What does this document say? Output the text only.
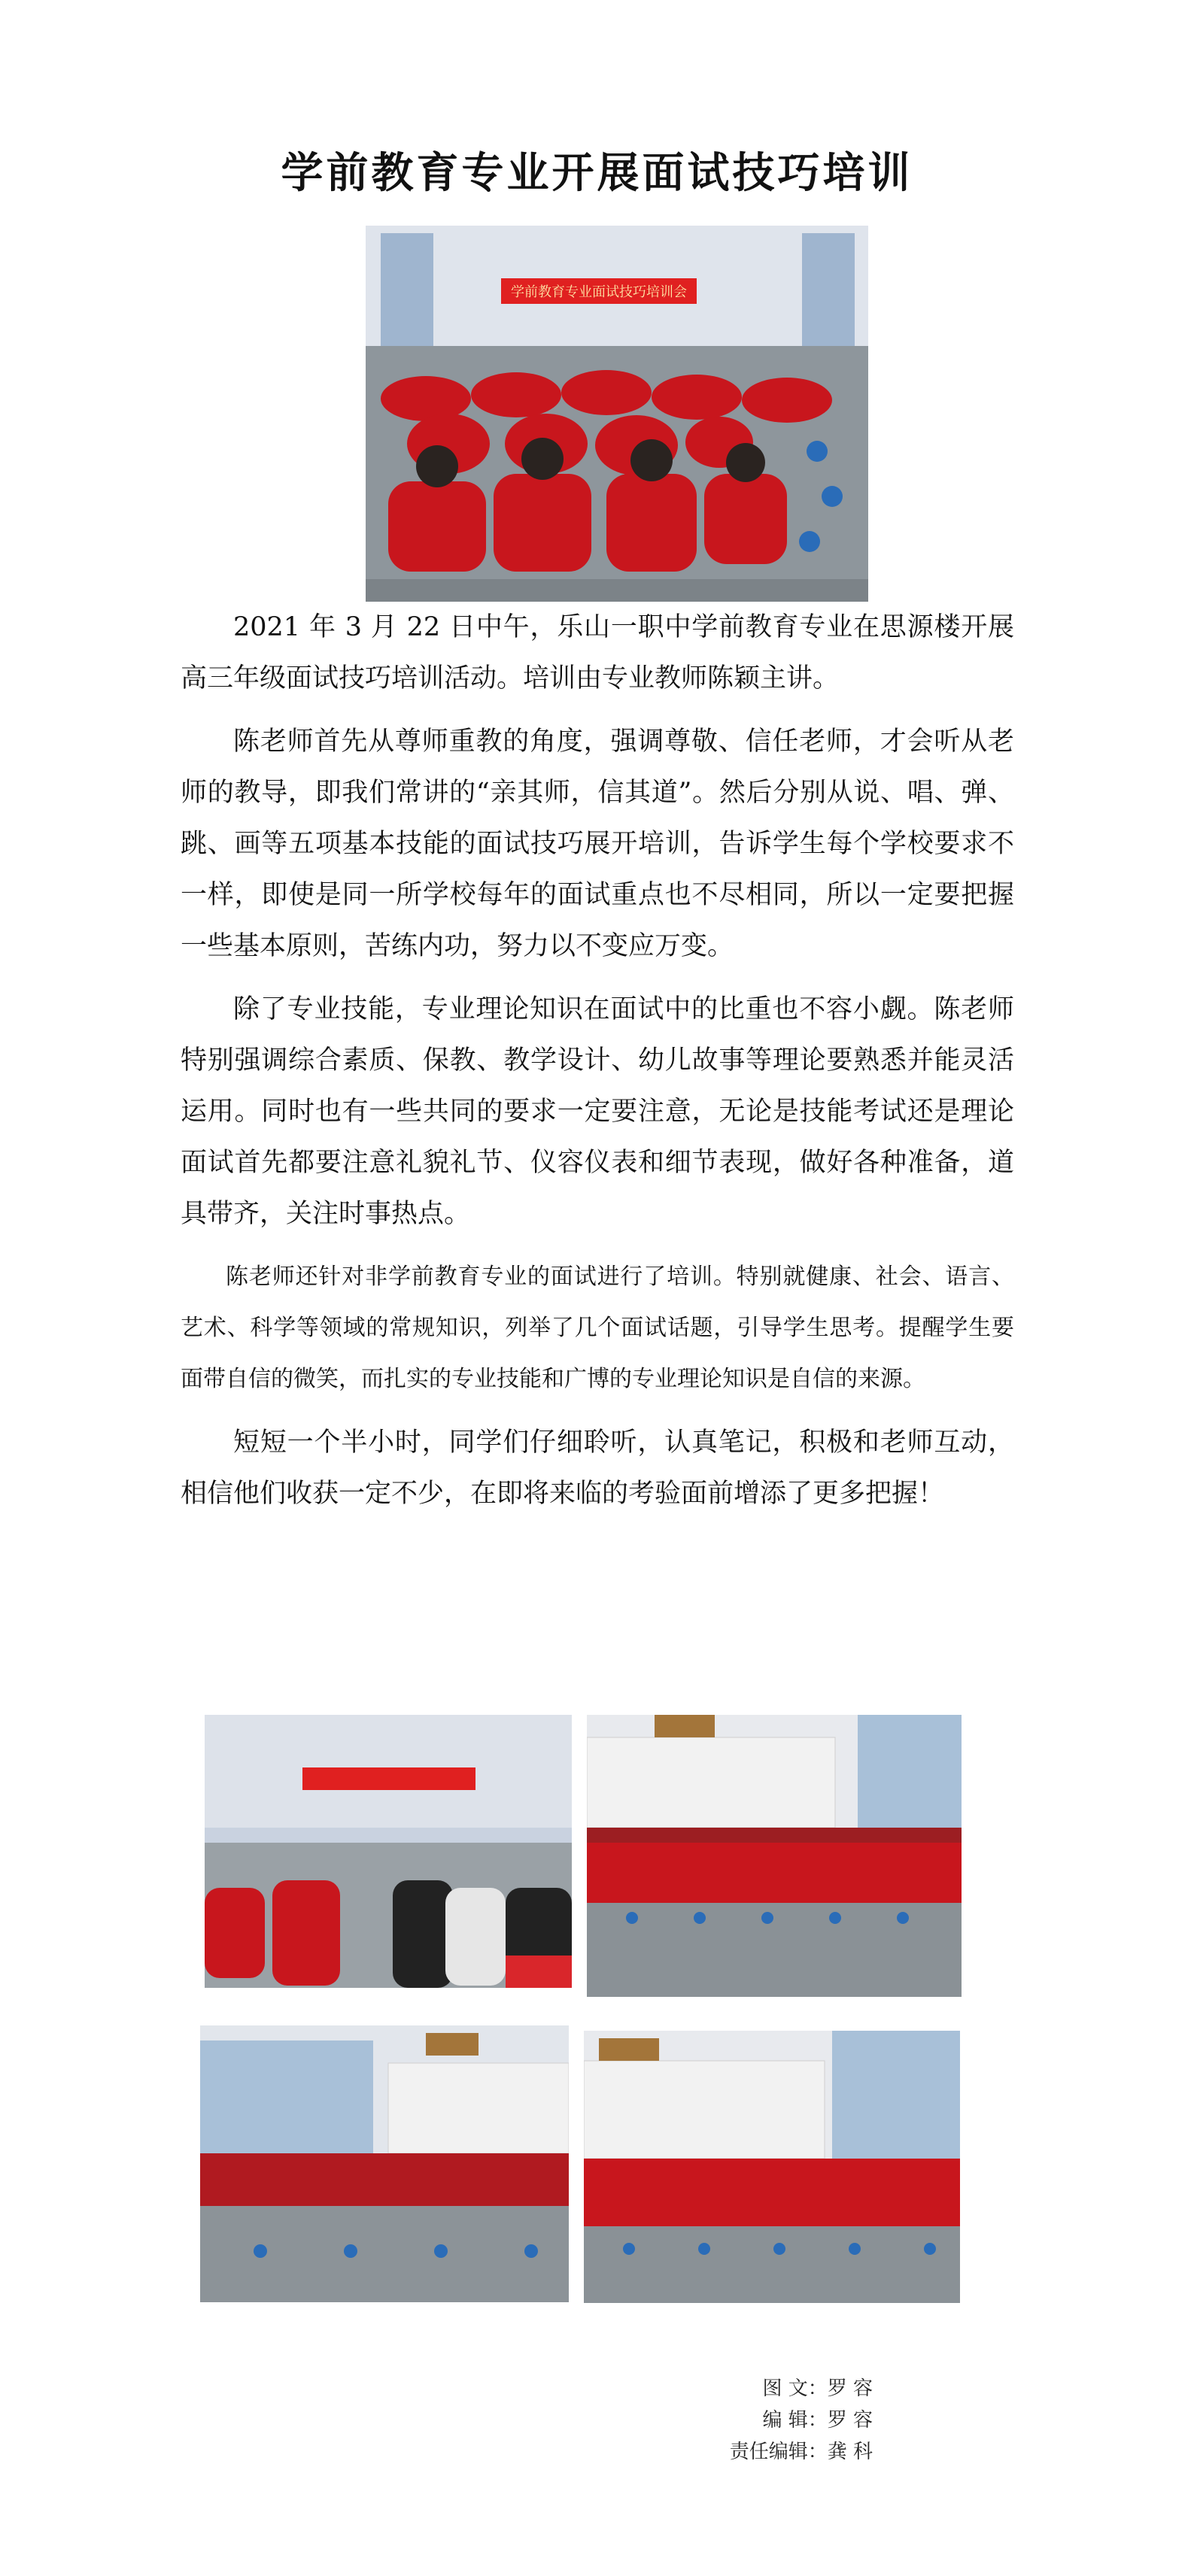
学前教育专业开展面试技巧培训
学前教育专业面试技巧培训会

2021 年 3 月 22 日中午，乐山一职中学前教育专业在思源楼开展高三年级面试技巧培训活动。培训由专业教师陈颖主讲。

陈老师首先从尊师重教的角度，强调尊敬、信任老师，才会听从老师的教导，即我们常讲的“亲其师，信其道”。然后分别从说、唱、弹、跳、画等五项基本技能的面试技巧展开培训，告诉学生每个学校要求不一样，即使是同一所学校每年的面试重点也不尽相同，所以一定要把握一些基本原则，苦练内功，努力以不变应万变。

除了专业技能，专业理论知识在面试中的比重也不容小觑。陈老师特别强调综合素质、保教、教学设计、幼儿故事等理论要熟悉并能灵活运用。同时也有一些共同的要求一定要注意，无论是技能考试还是理论面试首先都要注意礼貌礼节、仪容仪表和细节表现，做好各种准备，道具带齐，关注时事热点。

陈老师还针对非学前教育专业的面试进行了培训。特别就健康、社会、语言、艺术、科学等领域的常规知识，列举了几个面试话题，引导学生思考。提醒学生要面带自信的微笑，而扎实的专业技能和广博的专业理论知识是自信的来源。

短短一个半小时，同学们仔细聆听，认真笔记，积极和老师互动，相信他们收获一定不少，在即将来临的考验面前增添了更多把握！

图 文：罗 容
编 辑：罗 容
责任编辑：龚 科
